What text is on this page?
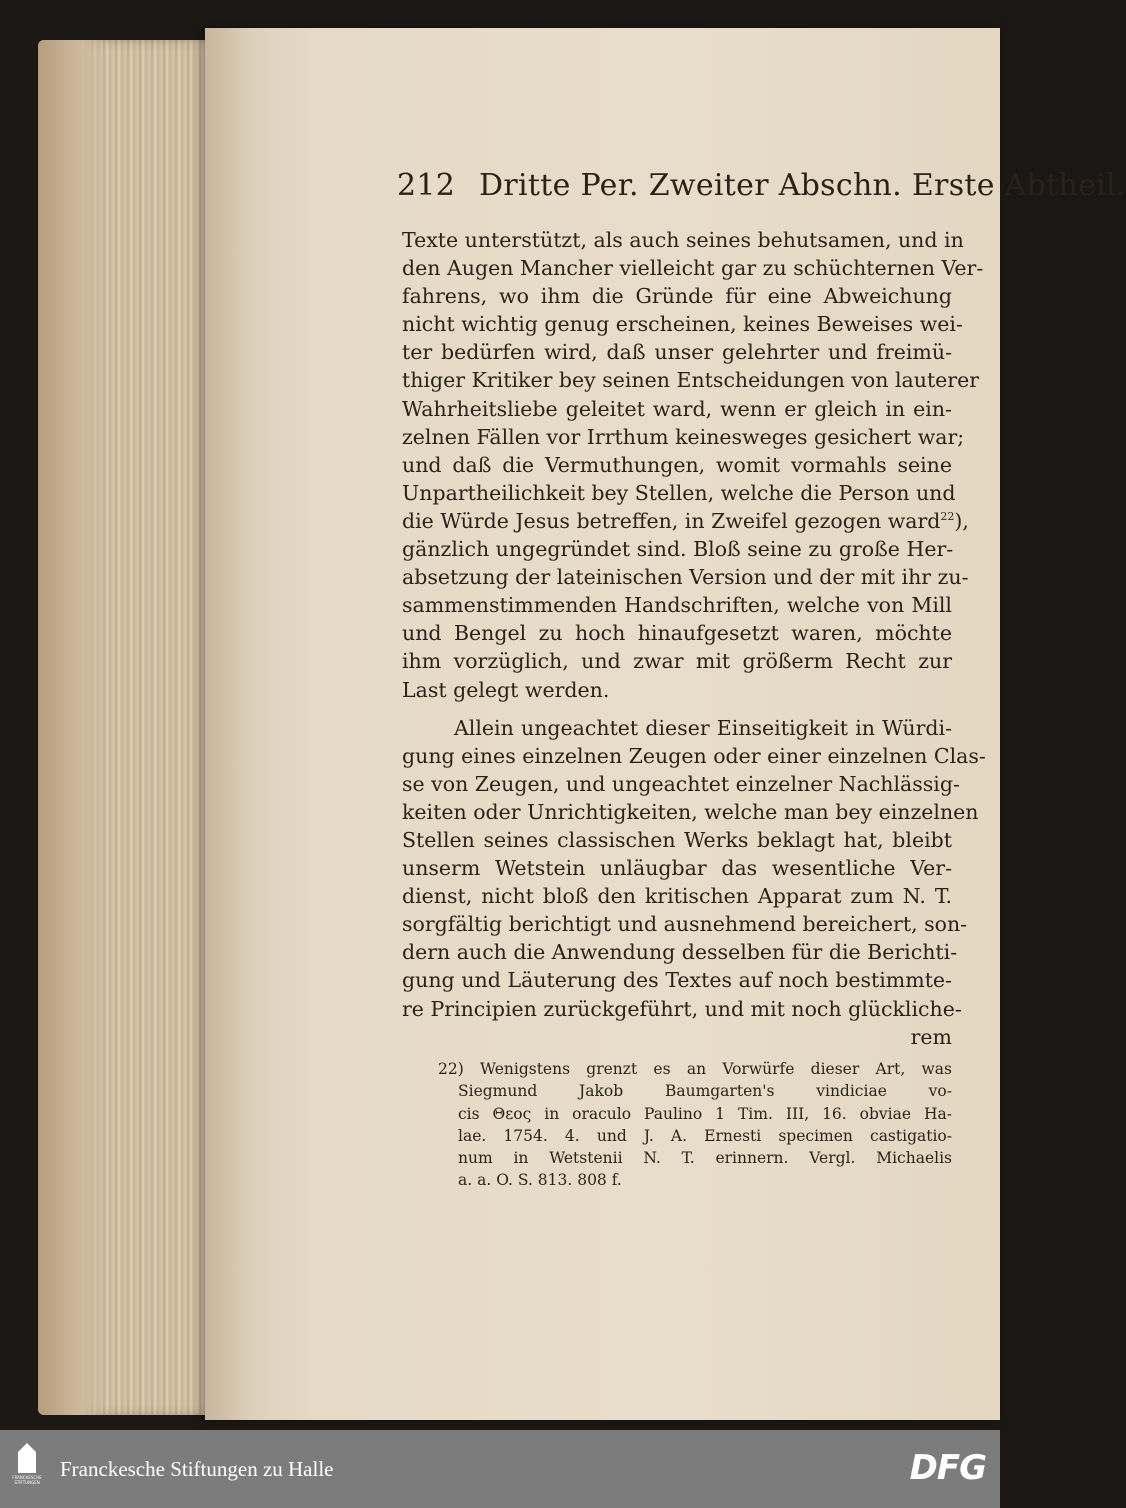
212 Dritte Per. Zweiter Abschn. Erste Abtheil.
Texte unterstützt, als auch seines behutsamen, und in
den Augen Mancher vielleicht gar zu schüchternen Ver-
fahrens, wo ihm die Gründe für eine Abweichung
nicht wichtig genug erscheinen, keines Beweises wei-
ter bedürfen wird, daß unser gelehrter und freimü-
thiger Kritiker bey seinen Entscheidungen von lauterer
Wahrheitsliebe geleitet ward, wenn er gleich in ein-
zelnen Fällen vor Irrthum keinesweges gesichert war;
und daß die Vermuthungen, womit vormahls seine
Unpartheilichkeit bey Stellen, welche die Person und
die Würde Jesus betreffen, in Zweifel gezogen ward$^{22}$),
gänzlich ungegründet sind. Bloß seine zu große Her-
absetzung der lateinischen Version und der mit ihr zu-
sammenstimmenden Handschriften, welche von Mill
und Bengel zu hoch hinaufgesetzt waren, möchte
ihm vorzüglich, und zwar mit größerm Recht zur
Last gelegt werden.
Allein ungeachtet dieser Einseitigkeit in Würdi-
gung eines einzelnen Zeugen oder einer einzelnen Clas-
se von Zeugen, und ungeachtet einzelner Nachlässig-
keiten oder Unrichtigkeiten, welche man bey einzelnen
Stellen seines classischen Werks beklagt hat, bleibt
unserm Wetstein unläugbar das wesentliche Ver-
dienst, nicht bloß den kritischen Apparat zum N. T.
sorgfältig berichtigt und ausnehmend bereichert, son-
dern auch die Anwendung desselben für die Berichti-
gung und Läuterung des Textes auf noch bestimmte-
re Principien zurückgeführt, und mit noch glückliche-
rem
22) Wenigstens grenzt es an Vorwürfe dieser Art, was
Siegmund Jakob Baumgarten's vindiciae vo-
cis Θεος in oraculo Paulino 1 Tim. III, 16. obviae Ha-
lae. 1754. 4. und J. A. Ernesti specimen castigatio-
num in Wetstenii N. T. erinnern. Vergl. Michaelis
a. a. O. S. 813. 808 f.
FRANCKESCHE
STIFTUNGEN
Franckesche Stiftungen zu Halle	DFG
